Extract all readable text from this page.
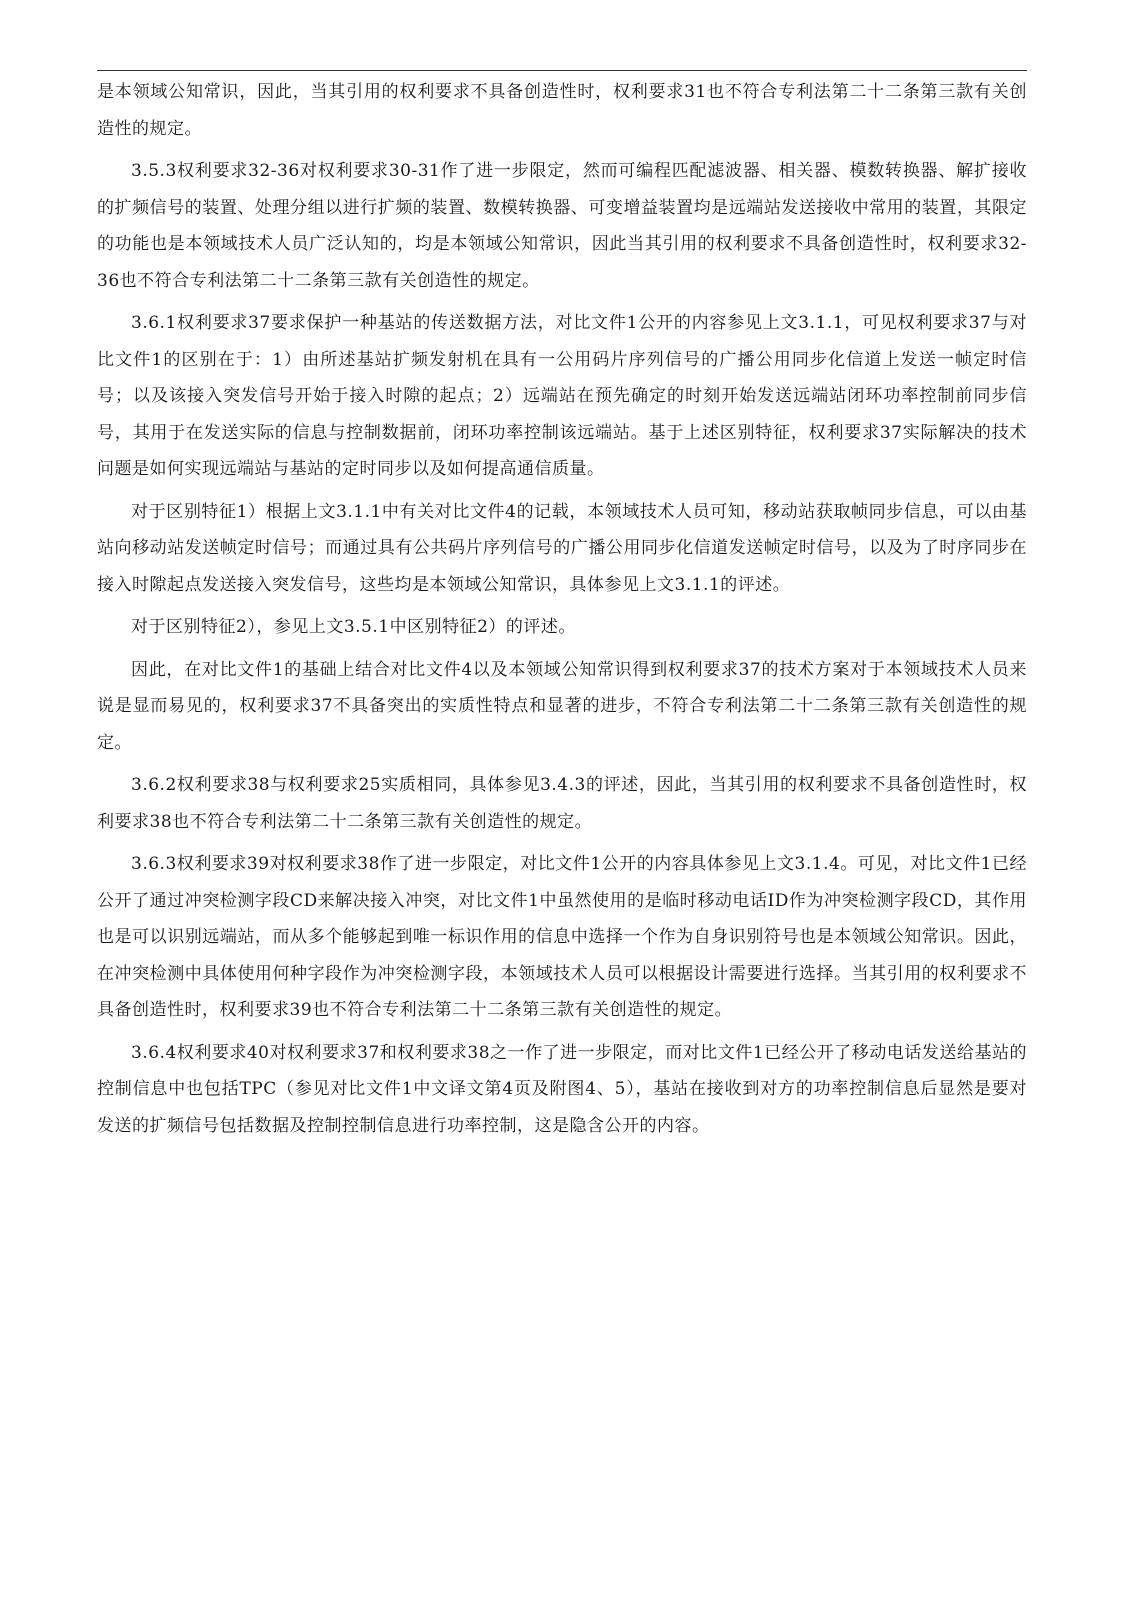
是本领域公知常识，因此，当其引用的权利要求不具备创造性时，权利要求31也不符合专利法第二十二条第三款有关创造性的规定。

3.5.3权利要求32-36对权利要求30-31作了进一步限定，然而可编程匹配滤波器、相关器、模数转换器、解扩接收的扩频信号的装置、处理分组以进行扩频的装置、数模转换器、可变增益装置均是远端站发送接收中常用的装置，其限定的功能也是本领域技术人员广泛认知的，均是本领域公知常识，因此当其引用的权利要求不具备创造性时，权利要求32-36也不符合专利法第二十二条第三款有关创造性的规定。

3.6.1权利要求37要求保护一种基站的传送数据方法，对比文件1公开的内容参见上文3.1.1，可见权利要求37与对比文件1的区别在于：1）由所述基站扩频发射机在具有一公用码片序列信号的广播公用同步化信道上发送一帧定时信号；以及该接入突发信号开始于接入时隙的起点；2）远端站在预先确定的时刻开始发送远端站闭环功率控制前同步信号，其用于在发送实际的信息与控制数据前，闭环功率控制该远端站。基于上述区别特征，权利要求37实际解决的技术问题是如何实现远端站与基站的定时同步以及如何提高通信质量。

对于区别特征1）根据上文3.1.1中有关对比文件4的记载，本领域技术人员可知，移动站获取帧同步信息，可以由基站向移动站发送帧定时信号；而通过具有公共码片序列信号的广播公用同步化信道发送帧定时信号，以及为了时序同步在接入时隙起点发送接入突发信号，这些均是本领域公知常识，具体参见上文3.1.1的评述。

对于区别特征2），参见上文3.5.1中区别特征2）的评述。

因此，在对比文件1的基础上结合对比文件4以及本领域公知常识得到权利要求37的技术方案对于本领域技术人员来说是显而易见的，权利要求37不具备突出的实质性特点和显著的进步，不符合专利法第二十二条第三款有关创造性的规定。

3.6.2权利要求38与权利要求25实质相同，具体参见3.4.3的评述，因此，当其引用的权利要求不具备创造性时，权利要求38也不符合专利法第二十二条第三款有关创造性的规定。

3.6.3权利要求39对权利要求38作了进一步限定，对比文件1公开的内容具体参见上文3.1.4。可见，对比文件1已经公开了通过冲突检测字段CD来解决接入冲突，对比文件1中虽然使用的是临时移动电话ID作为冲突检测字段CD，其作用也是可以识别远端站，而从多个能够起到唯一标识作用的信息中选择一个作为自身识别符号也是本领域公知常识。因此，在冲突检测中具体使用何种字段作为冲突检测字段，本领域技术人员可以根据设计需要进行选择。当其引用的权利要求不具备创造性时，权利要求39也不符合专利法第二十二条第三款有关创造性的规定。

3.6.4权利要求40对权利要求37和权利要求38之一作了进一步限定，而对比文件1已经公开了移动电话发送给基站的控制信息中也包括TPC（参见对比文件1中文译文第4页及附图4、5），基站在接收到对方的功率控制信息后显然是要对发送的扩频信号包括数据及控制控制信息进行功率控制，这是隐含公开的内容。
